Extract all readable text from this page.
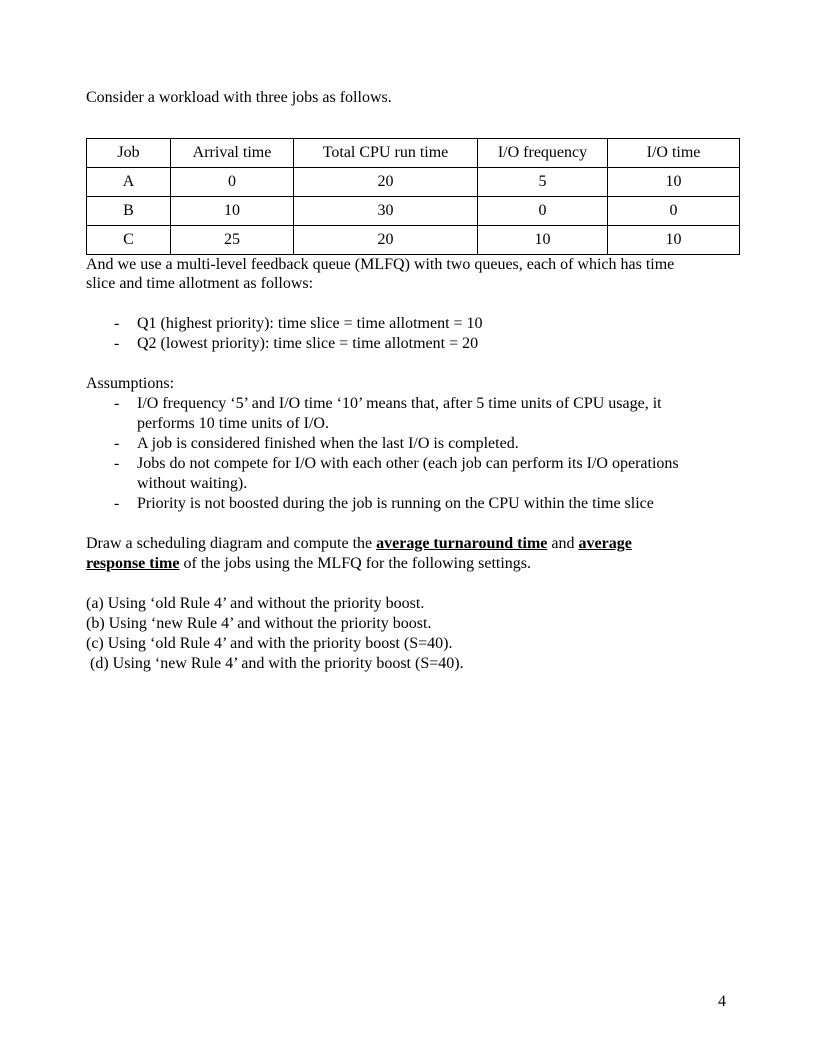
Consider a workload with three jobs as follows.
Job	Arrival time	Total CPU run time	I/O frequency	I/O time
A	0	20	5	10
B	10	30	0	0
C	25	20	10	10
And we use a multi-level feedback queue (MLFQ) with two queues, each of which has time
slice and time allotment as follows:
- Q1 (highest priority): time slice = time allotment = 10
- Q2 (lowest priority): time slice = time allotment = 20
Assumptions:
- I/O frequency ‘5’ and I/O time ‘10’ means that, after 5 time units of CPU usage, it
performs 10 time units of I/O.
- A job is considered finished when the last I/O is completed.
- Jobs do not compete for I/O with each other (each job can perform its I/O operations
without waiting).
- Priority is not boosted during the job is running on the CPU within the time slice
Draw a scheduling diagram and compute the average turnaround time and average
response time of the jobs using the MLFQ for the following settings.
(a) Using ‘old Rule 4’ and without the priority boost.
(b) Using ‘new Rule 4’ and without the priority boost.
(c) Using ‘old Rule 4’ and with the priority boost (S=40).
(d) Using ‘new Rule 4’ and with the priority boost (S=40).
4
